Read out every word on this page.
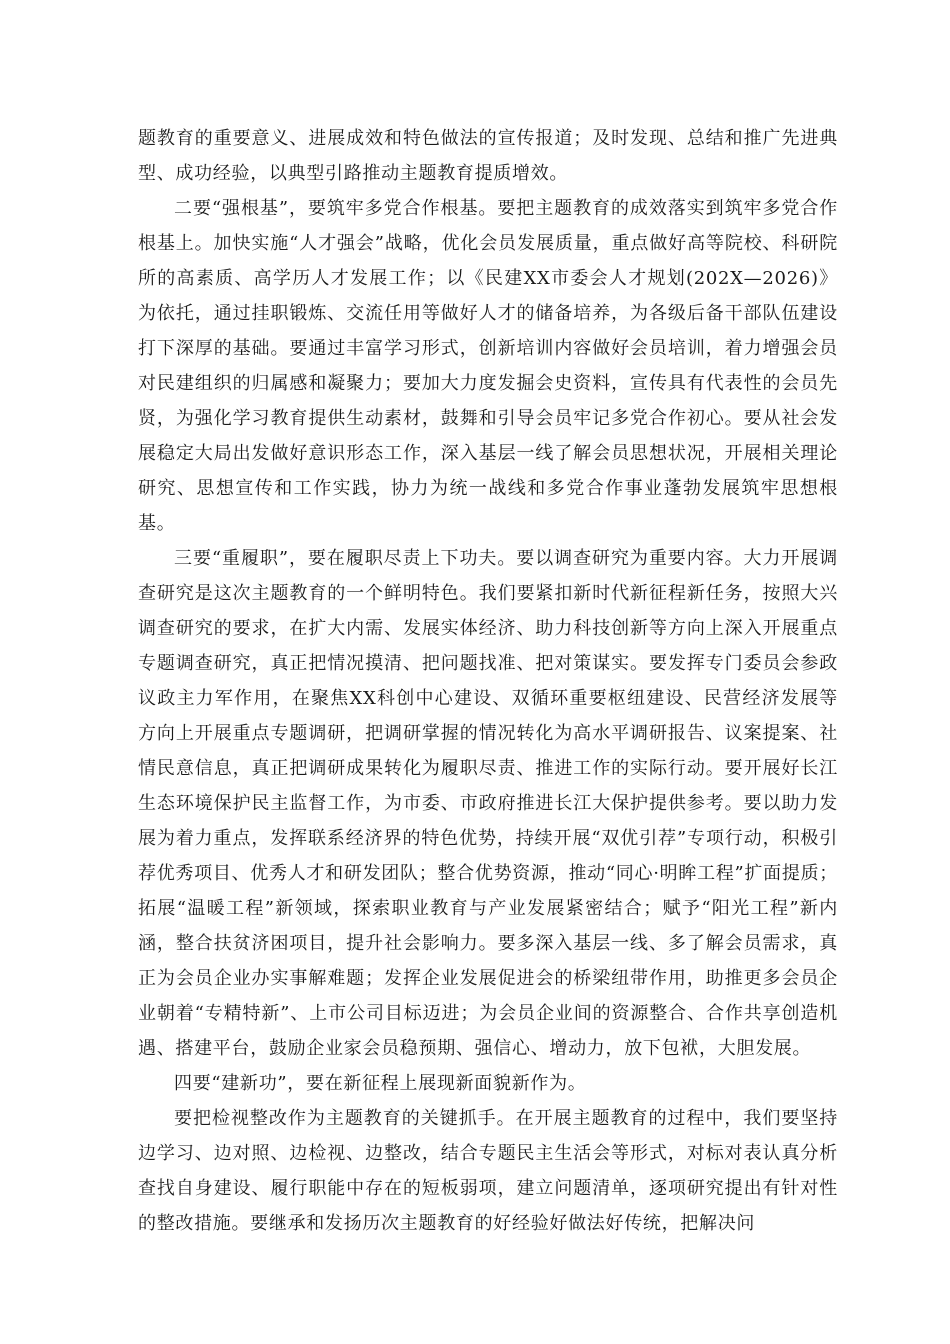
题教育的重要意义、进展成效和特色做法的宣传报道；及时发现、总结和推广先进典型、成功经验，以典型引路推动主题教育提质增效。

二要“强根基”，要筑牢多党合作根基。要把主题教育的成效落实到筑牢多党合作根基上。加快实施“人才强会”战略，优化会员发展质量，重点做好高等院校、科研院所的高素质、高学历人才发展工作；以《民建XX市委会人才规划(202X—2026)》为依托，通过挂职锻炼、交流任用等做好人才的储备培养，为各级后备干部队伍建设打下深厚的基础。要通过丰富学习形式，创新培训内容做好会员培训，着力增强会员对民建组织的归属感和凝聚力；要加大力度发掘会史资料，宣传具有代表性的会员先贤，为强化学习教育提供生动素材，鼓舞和引导会员牢记多党合作初心。要从社会发展稳定大局出发做好意识形态工作，深入基层一线了解会员思想状况，开展相关理论研究、思想宣传和工作实践，协力为统一战线和多党合作事业蓬勃发展筑牢思想根基。

三要“重履职”，要在履职尽责上下功夫。要以调查研究为重要内容。大力开展调查研究是这次主题教育的一个鲜明特色。我们要紧扣新时代新征程新任务，按照大兴调查研究的要求，在扩大内需、发展实体经济、助力科技创新等方向上深入开展重点专题调查研究，真正把情况摸清、把问题找准、把对策谋实。要发挥专门委员会参政议政主力军作用，在聚焦XX科创中心建设、双循环重要枢纽建设、民营经济发展等方向上开展重点专题调研，把调研掌握的情况转化为高水平调研报告、议案提案、社情民意信息，真正把调研成果转化为履职尽责、推进工作的实际行动。要开展好长江生态环境保护民主监督工作，为市委、市政府推进长江大保护提供参考。要以助力发展为着力重点，发挥联系经济界的特色优势，持续开展“双优引荐”专项行动，积极引荐优秀项目、优秀人才和研发团队；整合优势资源，推动“同心·明眸工程”扩面提质；拓展“温暖工程”新领域，探索职业教育与产业发展紧密结合；赋予“阳光工程”新内涵，整合扶贫济困项目，提升社会影响力。要多深入基层一线、多了解会员需求，真正为会员企业办实事解难题；发挥企业发展促进会的桥梁纽带作用，助推更多会员企业朝着“专精特新”、上市公司目标迈进；为会员企业间的资源整合、合作共享创造机遇、搭建平台，鼓励企业家会员稳预期、强信心、增动力，放下包袱，大胆发展。

四要“建新功”，要在新征程上展现新面貌新作为。

要把检视整改作为主题教育的关键抓手。在开展主题教育的过程中，我们要坚持边学习、边对照、边检视、边整改，结合专题民主生活会等形式，对标对表认真分析查找自身建设、履行职能中存在的短板弱项，建立问题清单，逐项研究提出有针对性的整改措施。要继承和发扬历次主题教育的好经验好做法好传统，把解决问
